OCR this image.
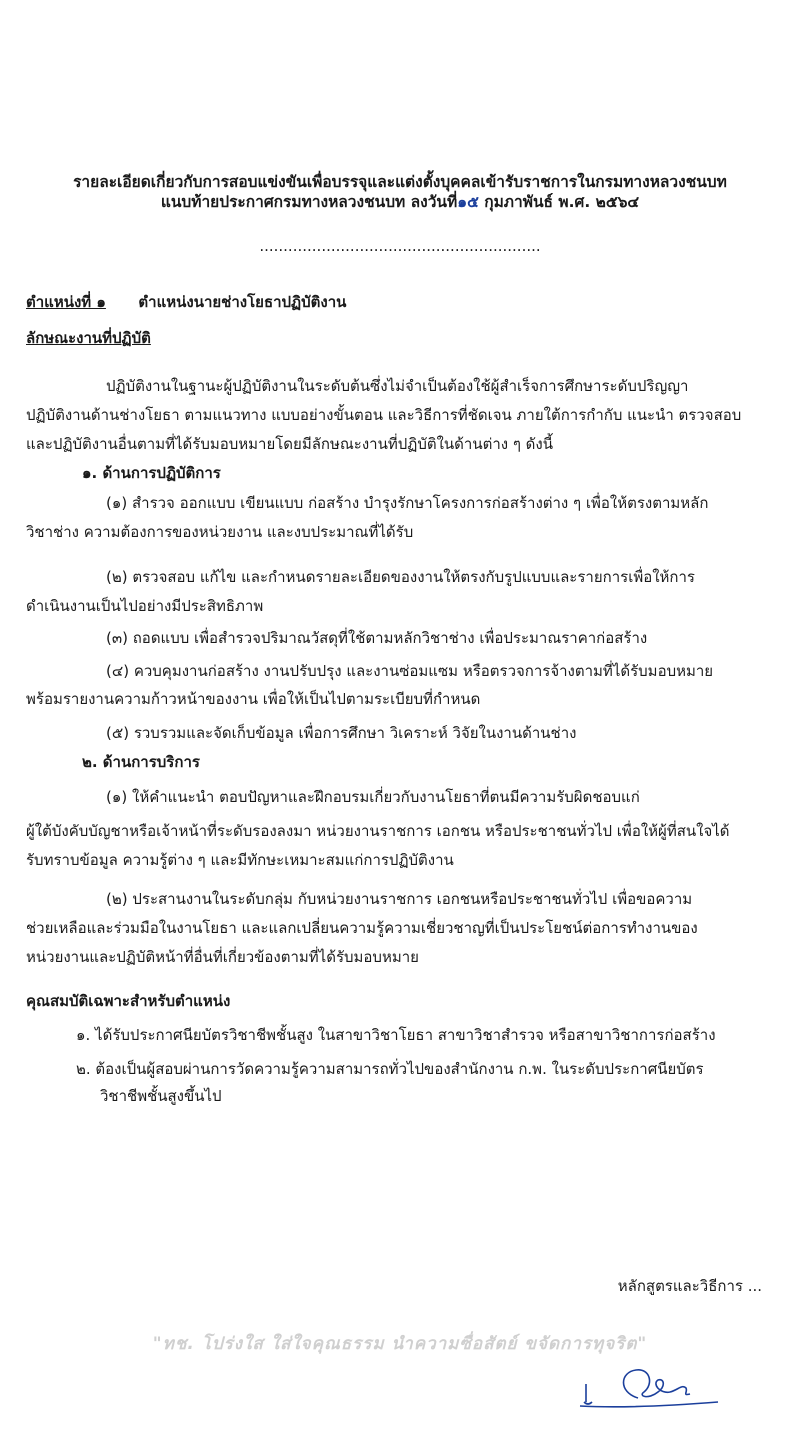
รายละเอียดเกี่ยวกับการสอบแข่งขันเพื่อบรรจุและแต่งตั้งบุคคลเข้ารับราชการในกรมทางหลวงชนบท
แนบท้ายประกาศกรมทางหลวงชนบท ลงวันที่๑๕ กุมภาพันธ์ พ.ศ. ๒๕๖๔
...........................................................
ตำแหน่งที่ ๑ ตำแหน่งนายช่างโยธาปฏิบัติงาน
ลักษณะงานที่ปฏิบัติ
ปฏิบัติงานในฐานะผู้ปฏิบัติงานในระดับต้นซึ่งไม่จำเป็นต้องใช้ผู้สำเร็จการศึกษาระดับปริญญา
ปฏิบัติงานด้านช่างโยธา ตามแนวทาง แบบอย่างขั้นตอน และวิธีการที่ชัดเจน ภายใต้การกำกับ แนะนำ ตรวจสอบ
และปฏิบัติงานอื่นตามที่ได้รับมอบหมายโดยมีลักษณะงานที่ปฏิบัติในด้านต่าง ๆ ดังนี้
๑. ด้านการปฏิบัติการ
(๑) สำรวจ ออกแบบ เขียนแบบ ก่อสร้าง บำรุงรักษาโครงการก่อสร้างต่าง ๆ เพื่อให้ตรงตามหลัก
วิชาช่าง ความต้องการของหน่วยงาน และงบประมาณที่ได้รับ
(๒) ตรวจสอบ แก้ไข และกำหนดรายละเอียดของงานให้ตรงกับรูปแบบและรายการเพื่อให้การ
ดำเนินงานเป็นไปอย่างมีประสิทธิภาพ
(๓) ถอดแบบ เพื่อสำรวจปริมาณวัสดุที่ใช้ตามหลักวิชาช่าง เพื่อประมาณราคาก่อสร้าง
(๔) ควบคุมงานก่อสร้าง งานปรับปรุง และงานซ่อมแซม หรือตรวจการจ้างตามที่ได้รับมอบหมาย
พร้อมรายงานความก้าวหน้าของงาน เพื่อให้เป็นไปตามระเบียบที่กำหนด
(๕) รวบรวมและจัดเก็บข้อมูล เพื่อการศึกษา วิเคราะห์ วิจัยในงานด้านช่าง
๒. ด้านการบริการ
(๑) ให้คำแนะนำ ตอบปัญหาและฝึกอบรมเกี่ยวกับงานโยธาที่ตนมีความรับผิดชอบแก่
ผู้ใต้บังคับบัญชาหรือเจ้าหน้าที่ระดับรองลงมา หน่วยงานราชการ เอกชน หรือประชาชนทั่วไป เพื่อให้ผู้ที่สนใจได้
รับทราบข้อมูล ความรู้ต่าง ๆ และมีทักษะเหมาะสมแก่การปฏิบัติงาน
(๒) ประสานงานในระดับกลุ่ม กับหน่วยงานราชการ เอกชนหรือประชาชนทั่วไป เพื่อขอความ
ช่วยเหลือและร่วมมือในงานโยธา และแลกเปลี่ยนความรู้ความเชี่ยวชาญที่เป็นประโยชน์ต่อการทำงานของ
หน่วยงานและปฏิบัติหน้าที่อื่นที่เกี่ยวข้องตามที่ได้รับมอบหมาย
คุณสมบัติเฉพาะสำหรับตำแหน่ง
๑. ได้รับประกาศนียบัตรวิชาชีพชั้นสูง ในสาขาวิชาโยธา สาขาวิชาสำรวจ หรือสาขาวิชาการก่อสร้าง
๒. ต้องเป็นผู้สอบผ่านการวัดความรู้ความสามารถทั่วไปของสำนักงาน ก.พ. ในระดับประกาศนียบัตร
วิชาชีพชั้นสูงขึ้นไป
หลักสูตรและวิธีการ ...
"ทช. โปร่งใส ใส่ใจคุณธรรม นำความซื่อสัตย์ ขจัดการทุจริต"
